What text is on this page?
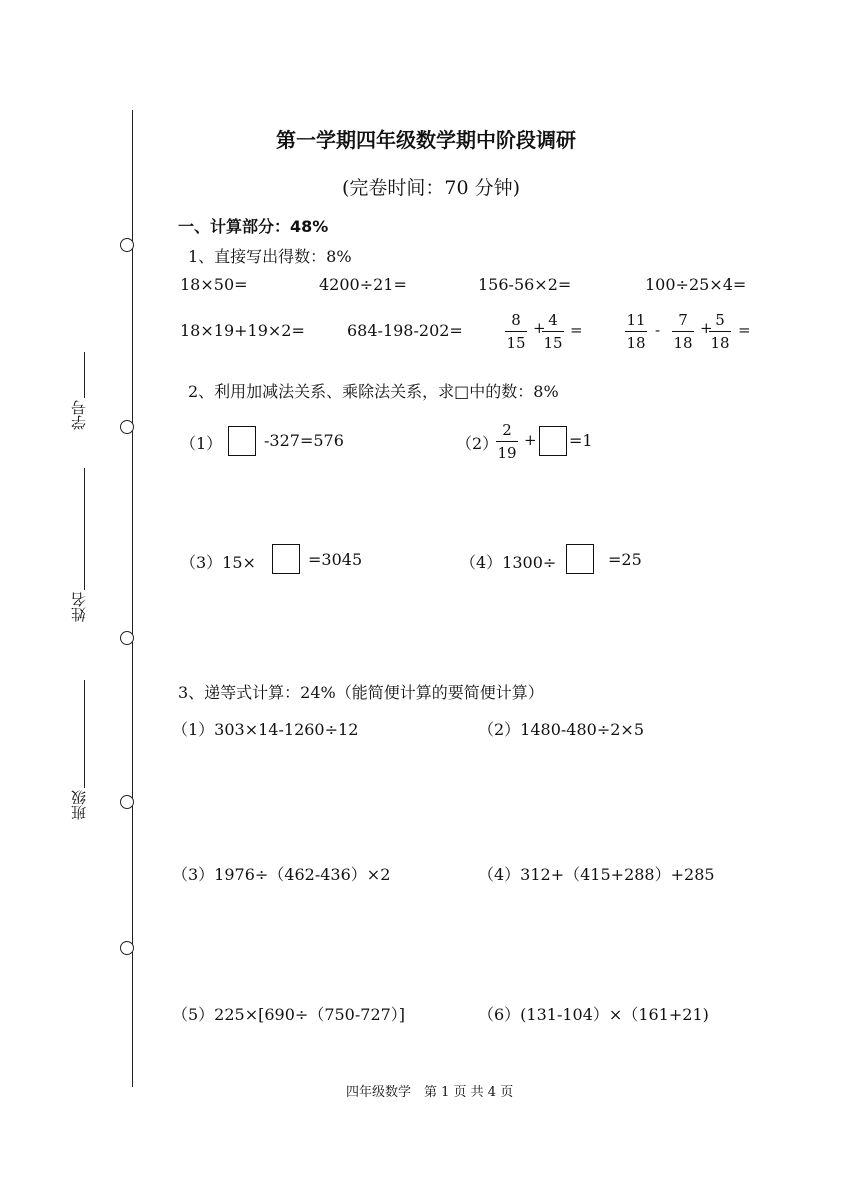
学号
姓名
班级
第一学期四年级数学期中阶段调研
(完卷时间：70 分钟)
一、计算部分：48%
1、直接写出得数：8%
18×50=	4200÷21=	156-56×2=	100÷25×4=
18×19+19×2=	684-198-202=
8
15
+ 4
15
=
11
18
-
7
18
+ 5
18
=
2、利用加减法关系、乘除法关系，求□中的数：8%
（1）	-327=576	（2）
2
19
+ =1
（3）15×	=3045	（4）1300÷	=25
3、递等式计算：24%（能简便计算的要简便计算）
（1）303×14-1260÷12	（2）1480-480÷2×5
（3）1976÷（462-436）×2	（4）312+（415+288）+285
（5）225×[690÷（750-727）]	（6）(131-104）×（161+21)
四年级数学　第 1 页 共 4 页
